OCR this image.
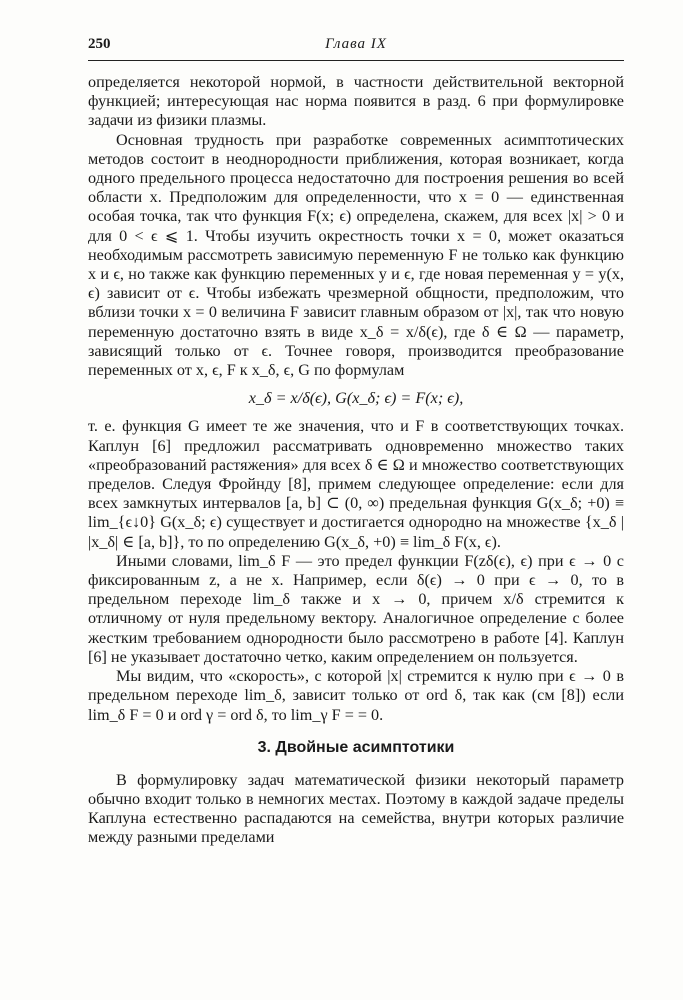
250	Глава IX

определяется некоторой нормой, в частности действительной векторной функцией; интересующая нас норма появится в разд. 6 при формулировке задачи из физики плазмы.

Основная трудность при разработке современных асимптотических методов состоит в неоднородности приближения, которая возникает, когда одного предельного процесса недостаточно для построения решения во всей области x. Предположим для определенности, что x = 0 — единственная особая точка, так что функция F(x; ϵ) определена, скажем, для всех |x| > 0 и для 0 < ϵ ⩽ 1. Чтобы изучить окрестность точки x = 0, может оказаться необходимым рассмотреть зависимую переменную F не только как функцию x и ϵ, но также как функцию переменных y и ϵ, где новая переменная y = y(x, ϵ) зависит от ϵ. Чтобы избежать чрезмерной общности, предположим, что вблизи точки x = 0 величина F зависит главным образом от |x|, так что новую переменную достаточно взять в виде x_δ = x/δ(ϵ), где δ ∈ Ω — параметр, зависящий только от ϵ. Точнее говоря, производится преобразование переменных от x, ϵ, F к x_δ, ϵ, G по формулам

x_δ = x/δ(ϵ), G(x_δ; ϵ) = F(x; ϵ),

т. е. функция G имеет те же значения, что и F в соответствующих точках. Каплун [6] предложил рассматривать одновременно множество таких «преобразований растяжения» для всех δ ∈ Ω и множество соответствующих пределов. Следуя Фройнду [8], примем следующее определение: если для всех замкнутых интервалов [a, b] ⊂ (0, ∞) предельная функция G(x_δ; +0) ≡ lim_{ϵ↓0} G(x_δ; ϵ) существует и достигается однородно на множестве {x_δ | |x_δ| ∈ [a, b]}, то по определению G(x_δ, +0) ≡ lim_δ F(x, ϵ).

Иными словами, lim_δ F — это предел функции F(zδ(ϵ), ϵ) при ϵ → 0 с фиксированным z, а не x. Например, если δ(ϵ) → 0 при ϵ → 0, то в предельном переходе lim_δ также и x → 0, причем x/δ стремится к отличному от нуля предельному вектору. Аналогичное определение с более жестким требованием однородности было рассмотрено в работе [4]. Каплун [6] не указывает достаточно четко, каким определением он пользуется.

Мы видим, что «скорость», с которой |x| стремится к нулю при ϵ → 0 в предельном переходе lim_δ, зависит только от ord δ, так как (см [8]) если lim_δ F = 0 и ord γ = ord δ, то lim_γ F = = 0.

3. Двойные асимптотики

В формулировку задач математической физики некоторый параметр обычно входит только в немногих местах. Поэтому в каждой задаче пределы Каплуна естественно распадаются на семейства, внутри которых различие между разными пределами
